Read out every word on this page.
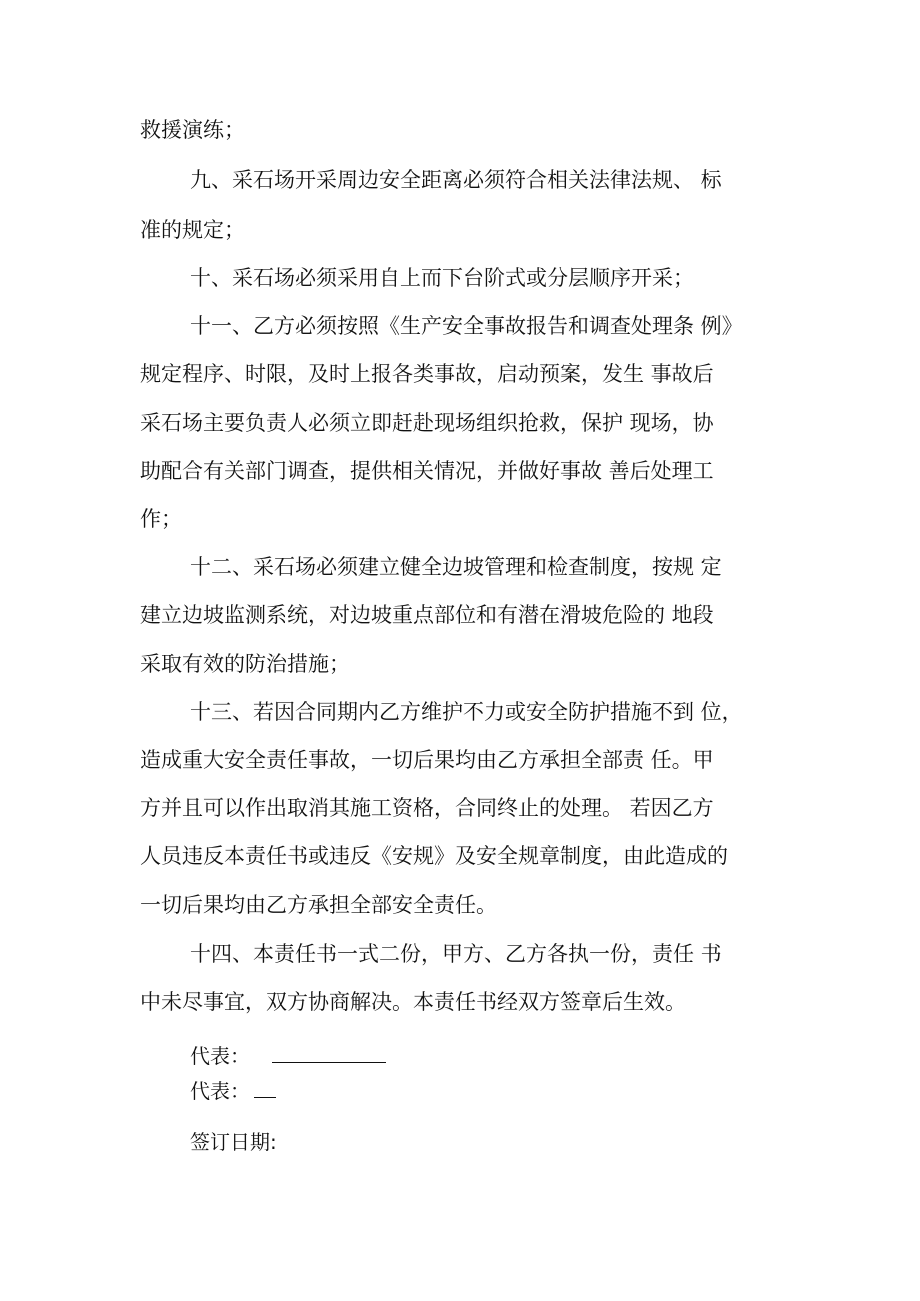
救援演练；
九、采石场开采周边安全距离必须符合相关法律法规、 标
准的规定；
十、采石场必须采用自上而下台阶式或分层顺序开采；
十一、乙方必须按照《生产安全事故报告和调查处理条 例》
规定程序、时限，及时上报各类事故，启动预案，发生 事故后
采石场主要负责人必须立即赶赴现场组织抢救，保护 现场，协
助配合有关部门调查，提供相关情况，并做好事故 善后处理工
作；
十二、采石场必须建立健全边坡管理和检查制度，按规 定
建立边坡监测系统，对边坡重点部位和有潜在滑坡危险的 地段
采取有效的防治措施；
十三、若因合同期内乙方维护不力或安全防护措施不到 位，
造成重大安全责任事故，一切后果均由乙方承担全部责 任。甲
方并且可以作出取消其施工资格，合同终止的处理。 若因乙方
人员违反本责任书或违反《安规》及安全规章制度，由此造成的
一切后果均由乙方承担全部安全责任。
十四、本责任书一式二份，甲方、乙方各执一份，责任 书
中未尽事宜，双方协商解决。本责任书经双方签章后生效。
代表：
代表：
签订日期:
